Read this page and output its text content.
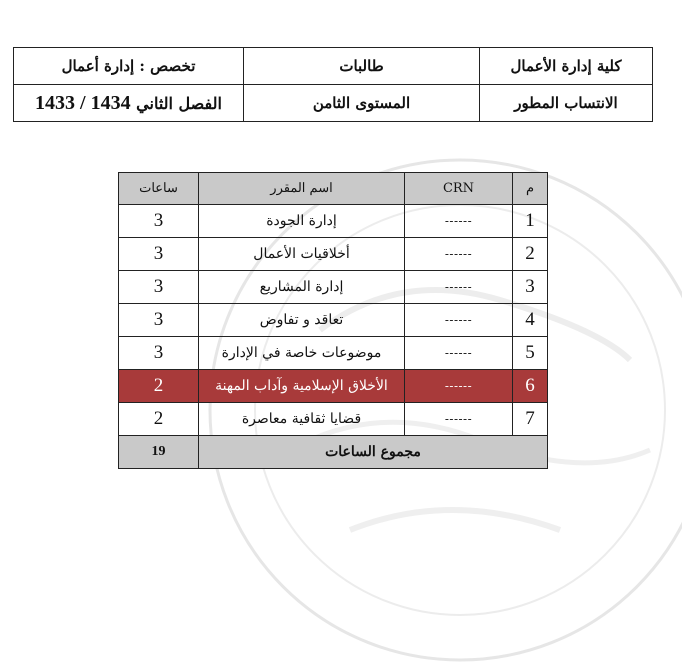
كلية إدارة الأعمال	طالبات	تخصص : إدارة أعمال
الانتساب المطور	المستوى الثامن	الفصل الثاني 1433 / 1434
م	CRN	اسم المقرر	ساعات
1	------	إدارة الجودة	3
2	------	أخلاقيات الأعمال	3
3	------	إدارة المشاريع	3
4	------	تعاقد و تفاوض	3
5	------	موضوعات خاصة في الإدارة	3
6	------	الأخلاق الإسلامية وآداب المهنة	2
7	------	قضايا ثقافية معاصرة	2
مجموع الساعات			19
